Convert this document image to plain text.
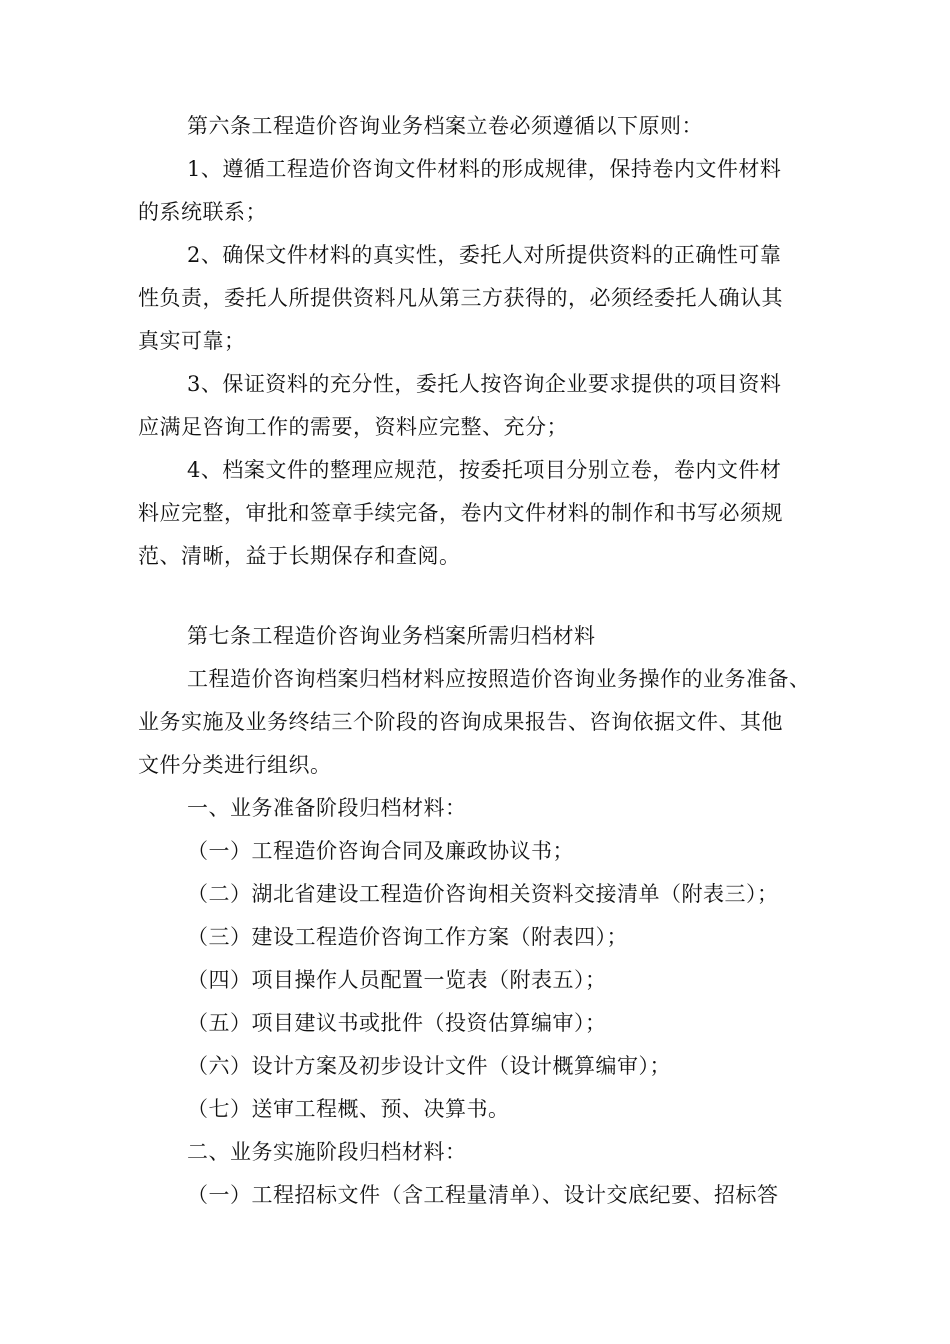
第六条工程造价咨询业务档案立卷必须遵循以下原则：
1、遵循工程造价咨询文件材料的形成规律，保持卷内文件材料
的系统联系；
2、确保文件材料的真实性，委托人对所提供资料的正确性可靠
性负责，委托人所提供资料凡从第三方获得的，必须经委托人确认其
真实可靠；
3、保证资料的充分性，委托人按咨询企业要求提供的项目资料
应满足咨询工作的需要，资料应完整、充分；
4、档案文件的整理应规范，按委托项目分别立卷，卷内文件材
料应完整，审批和签章手续完备，卷内文件材料的制作和书写必须规
范、清晰，益于长期保存和查阅。
第七条工程造价咨询业务档案所需归档材料
工程造价咨询档案归档材料应按照造价咨询业务操作的业务准备、
业务实施及业务终结三个阶段的咨询成果报告、咨询依据文件、其他
文件分类进行组织。
一、业务准备阶段归档材料：
（一）工程造价咨询合同及廉政协议书；
（二）湖北省建设工程造价咨询相关资料交接清单（附表三）；
（三）建设工程造价咨询工作方案（附表四）；
（四）项目操作人员配置一览表（附表五）；
（五）项目建议书或批件（投资估算编审）；
（六）设计方案及初步设计文件（设计概算编审）；
（七）送审工程概、预、决算书。
二、业务实施阶段归档材料：
（一）工程招标文件（含工程量清单）、设计交底纪要、招标答
